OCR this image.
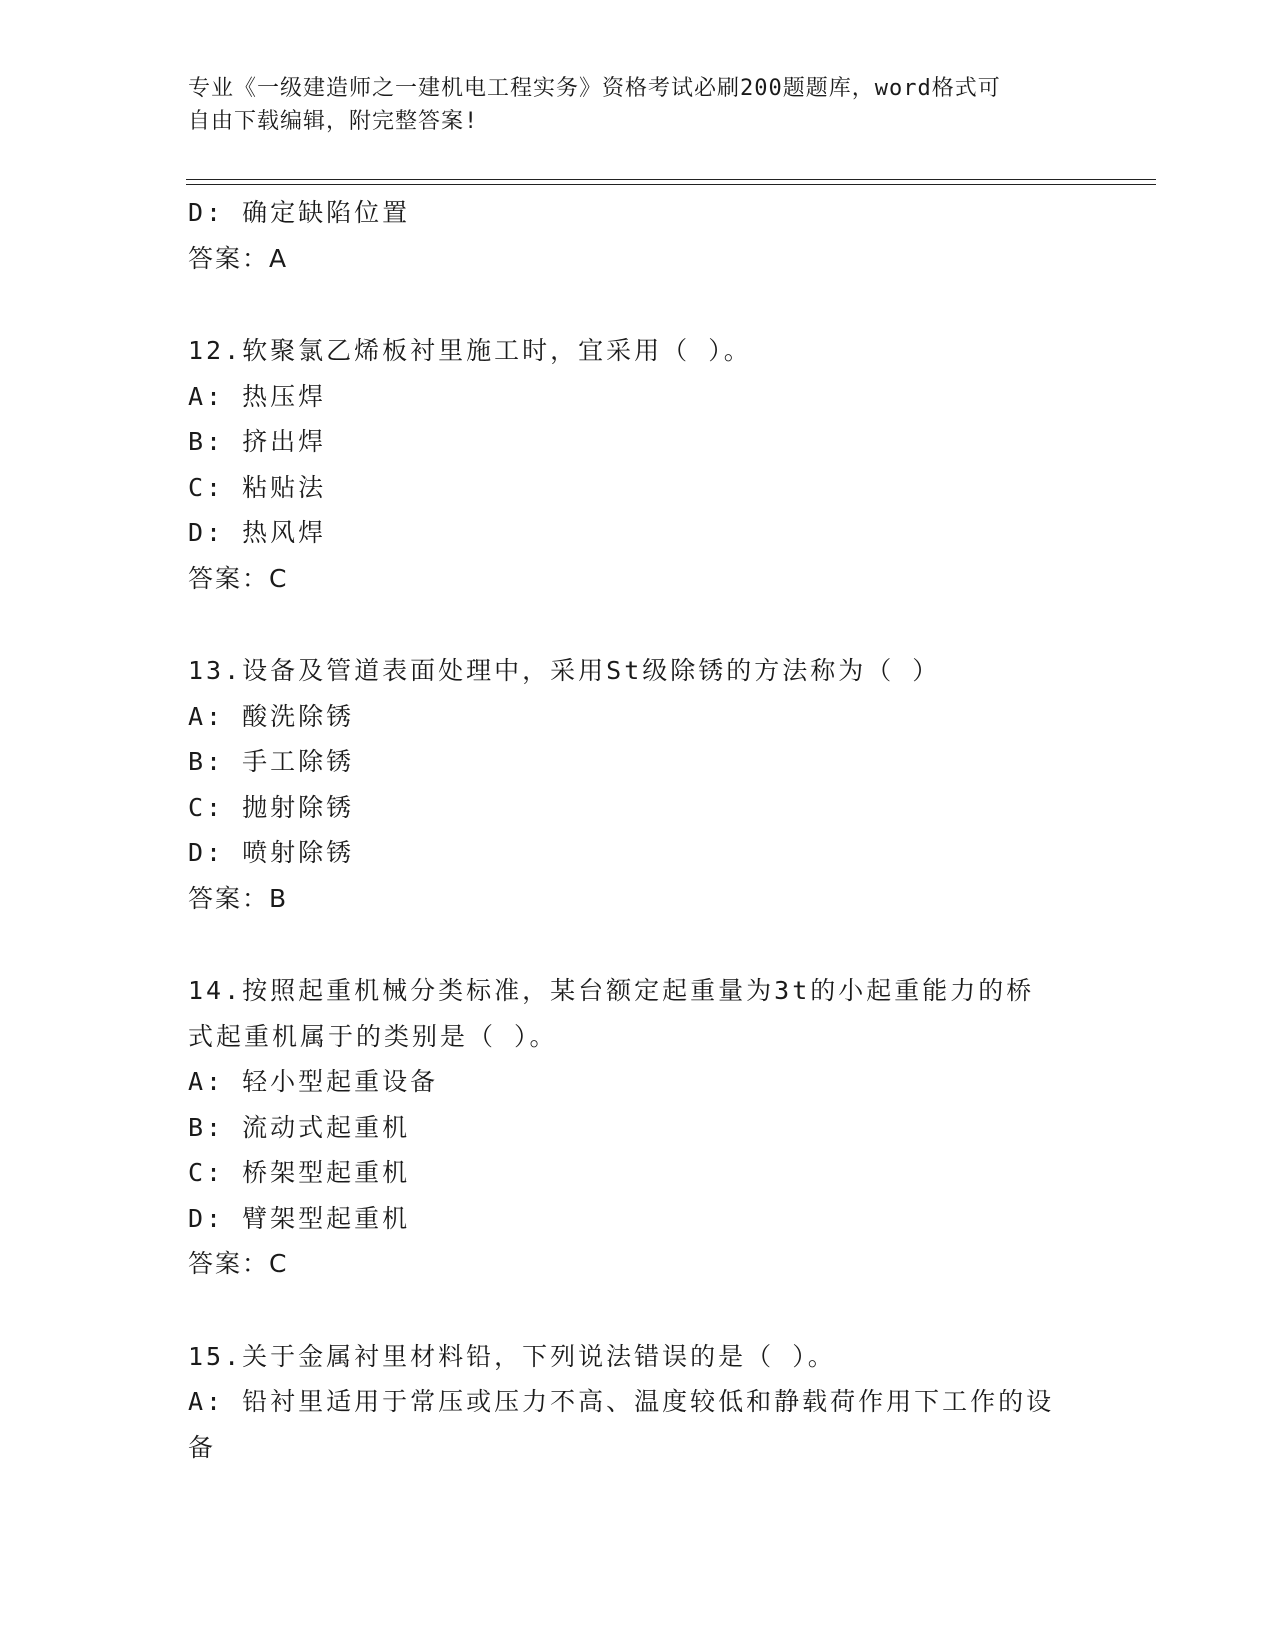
专业《一级建造师之一建机电工程实务》资格考试必刷200题题库，word格式可
自由下载编辑，附完整答案!
D: 确定缺陷位置
答案：A
12.软聚氯乙烯板衬里施工时，宜采用（ ）。
A: 热压焊
B: 挤出焊
C: 粘贴法
D: 热风焊
答案：C
13.设备及管道表面处理中，采用St级除锈的方法称为（ ）
A: 酸洗除锈
B: 手工除锈
C: 抛射除锈
D: 喷射除锈
答案：B
14.按照起重机械分类标准，某台额定起重量为3t的小起重能力的桥
式起重机属于的类别是（ ）。
A: 轻小型起重设备
B: 流动式起重机
C: 桥架型起重机
D: 臂架型起重机
答案：C
15.关于金属衬里材料铅，下列说法错误的是（ ）。
A: 铅衬里适用于常压或压力不高、温度较低和静载荷作用下工作的设
备
